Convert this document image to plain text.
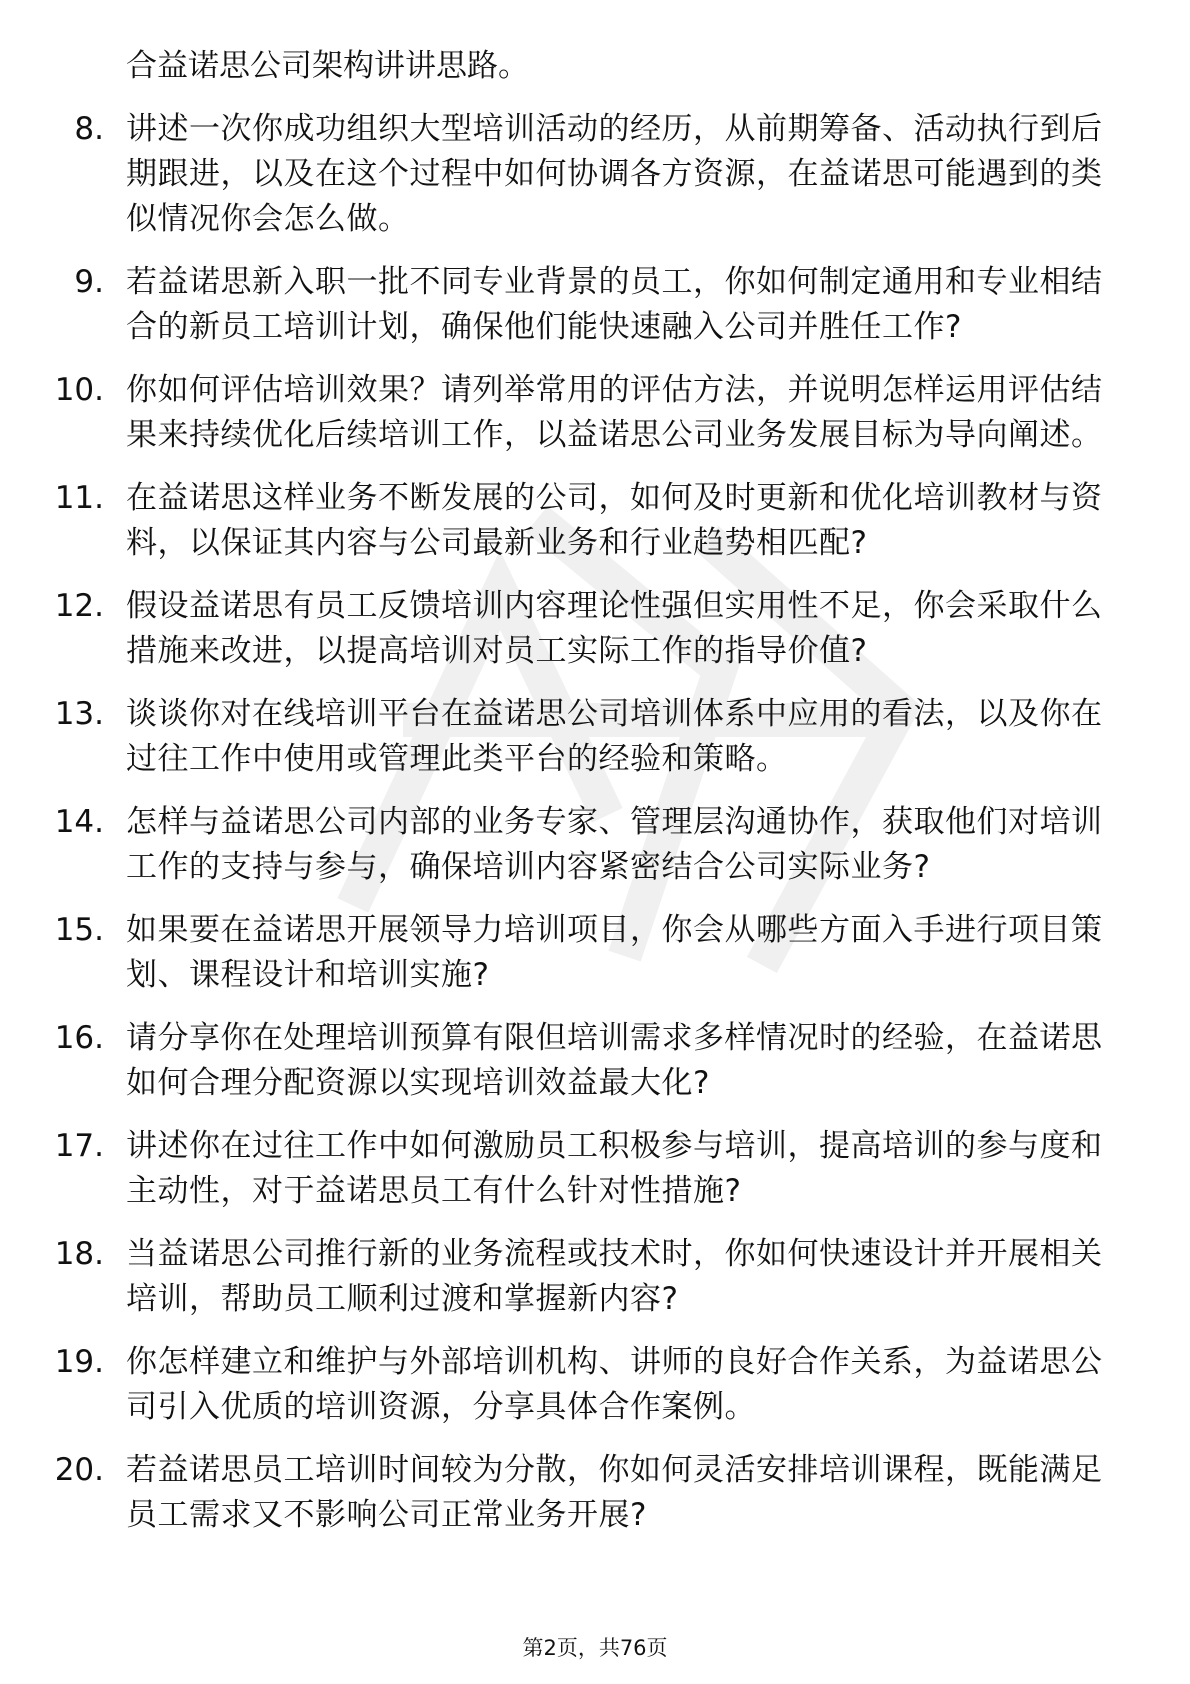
合益诺思公司架构讲讲思路。
8. 讲述一次你成功组织大型培训活动的经历，从前期筹备、活动执行到后期跟进，以及在这个过程中如何协调各方资源，在益诺思可能遇到的类似情况你会怎么做。
9. 若益诺思新入职一批不同专业背景的员工，你如何制定通用和专业相结合的新员工培训计划，确保他们能快速融入公司并胜任工作?
10. 你如何评估培训效果？请列举常用的评估方法，并说明怎样运用评估结果来持续优化后续培训工作，以益诺思公司业务发展目标为导向阐述。
11. 在益诺思这样业务不断发展的公司，如何及时更新和优化培训教材与资料，以保证其内容与公司最新业务和行业趋势相匹配?
12. 假设益诺思有员工反馈培训内容理论性强但实用性不足，你会采取什么措施来改进，以提高培训对员工实际工作的指导价值?
13. 谈谈你对在线培训平台在益诺思公司培训体系中应用的看法，以及你在过往工作中使用或管理此类平台的经验和策略。
14. 怎样与益诺思公司内部的业务专家、管理层沟通协作，获取他们对培训工作的支持与参与，确保培训内容紧密结合公司实际业务?
15. 如果要在益诺思开展领导力培训项目，你会从哪些方面入手进行项目策划、课程设计和培训实施?
16. 请分享你在处理培训预算有限但培训需求多样情况时的经验，在益诺思如何合理分配资源以实现培训效益最大化?
17. 讲述你在过往工作中如何激励员工积极参与培训，提高培训的参与度和主动性，对于益诺思员工有什么针对性措施?
18. 当益诺思公司推行新的业务流程或技术时，你如何快速设计并开展相关培训，帮助员工顺利过渡和掌握新内容?
19. 你怎样建立和维护与外部培训机构、讲师的良好合作关系，为益诺思公司引入优质的培训资源，分享具体合作案例。
20. 若益诺思员工培训时间较为分散，你如何灵活安排培训课程，既能满足员工需求又不影响公司正常业务开展?
第2页，共76页
